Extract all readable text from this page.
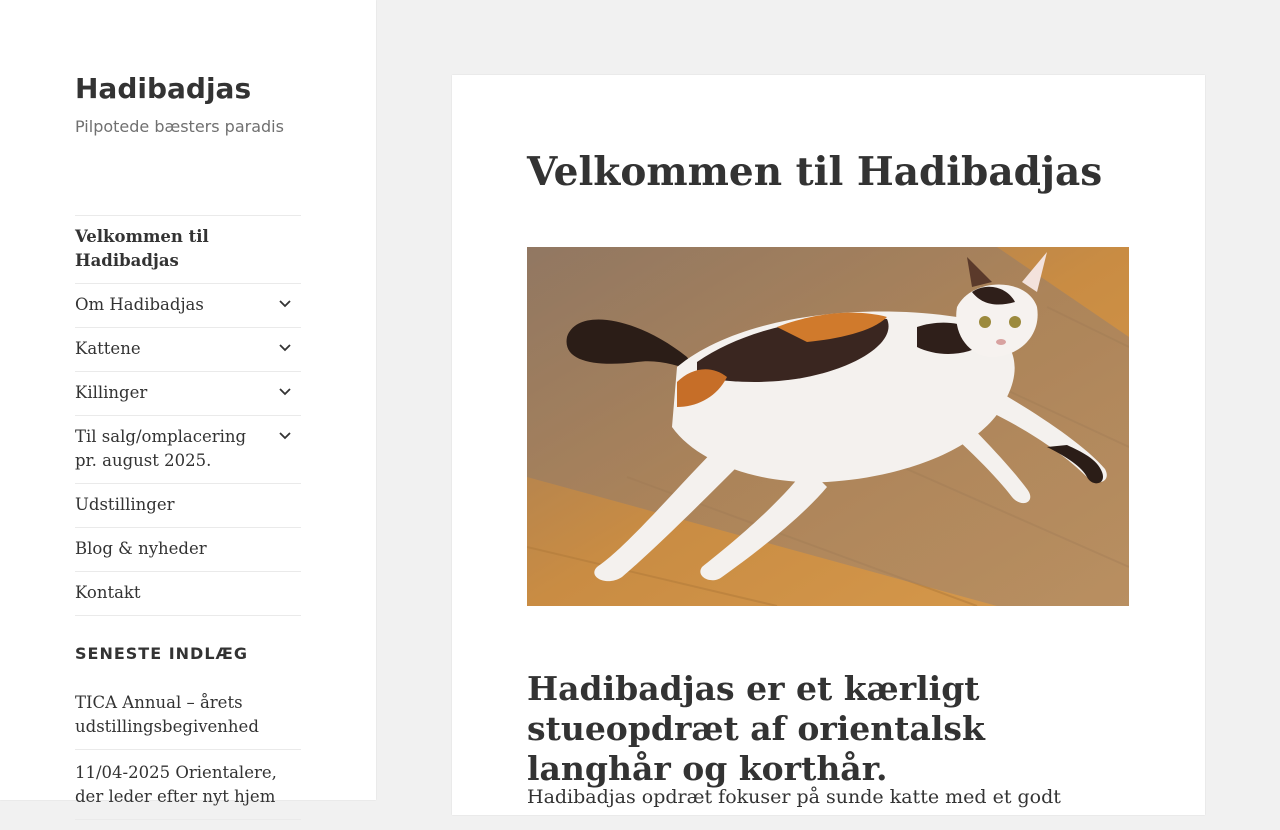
Hadibadjas

Pilpotede bæsters paradis

Velkommen til Hadibadjas
Om Hadibadjas
Kattene
Killinger
Til salg/omplacering pr. august 2025.
Udstillinger
Blog & nyheder
Kontakt
SENESTE INDLÆG
TICA Annual – årets udstillingsbegivenhed
11/04-2025 Orientalere, der leder efter nyt hjem
Velkommen til Hadibadjas
Hadibadjas er et kærligt stueopdræt af orientalsk langhår og korthår.

Hadibadjas opdræt fokuser på sunde katte med et godt
